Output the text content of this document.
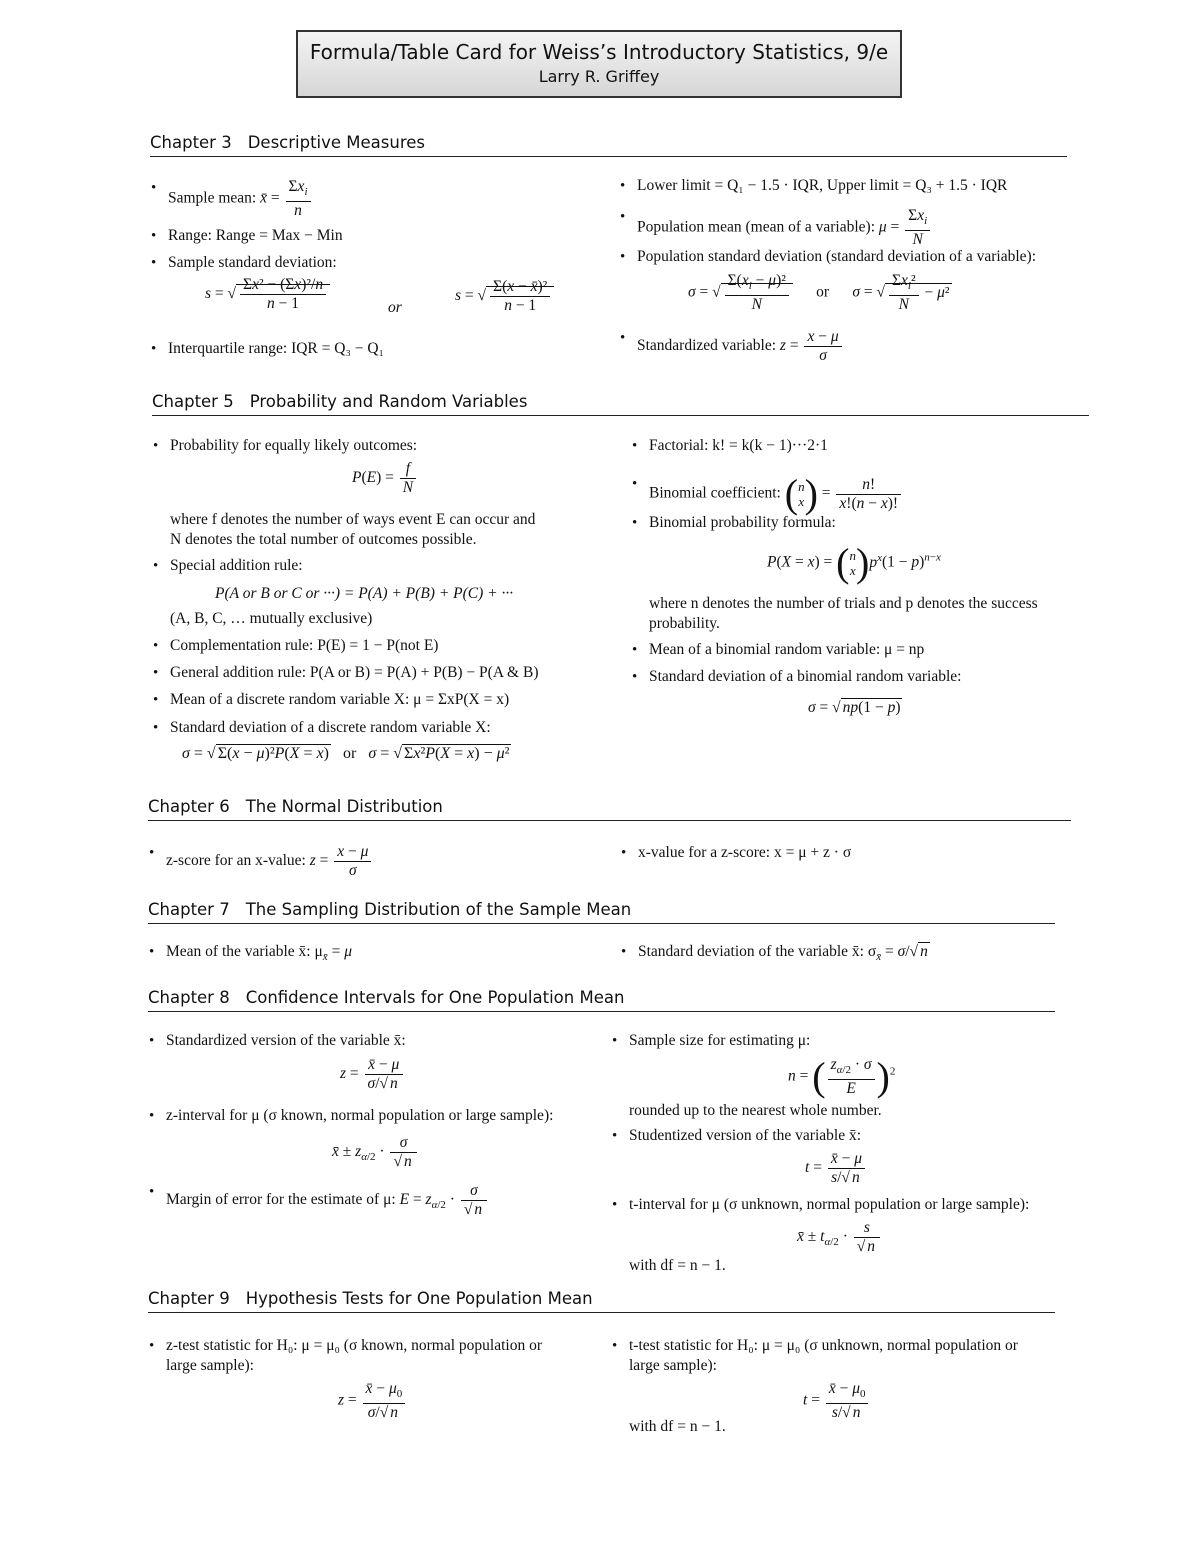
Formula/Table Card for Weiss’s Introductory Statistics, 9/e
Larry R. Griffey
Chapter 3 Descriptive Measures
• Sample mean: x̄ =
$\Sigma x_i$
n
• Range: Range = Max − Min
• Sample standard deviation:
s = √ $\frac{\text{Σx² − (Σx)²/n}}{n - 1}$	or
s = √ $\frac{\text{Σ(x − x̄)²}}{n - 1}$
• Interquartile range: IQR = Q₃ − Q₁
• Lower limit = Q₁ − 1.5 · IQR, Upper limit = Q₃ + 1.5 · IQR
• Population mean (mean of a variable): μ =
$\Sigma x_i$
N
• Population standard deviation (standard deviation of a variable):
σ = √ $\frac{\Sigma(x_i - \mu)^2}{N}$ or      σ = √
$\Sigma x_i^2$
N
− μ²
• Standardized variable: $z = \frac{x - \mu}{\sigma}$
Chapter 5 Probability and Random Variables
• Probability for equally likely outcomes:
$P(E) = \frac{f}{N}$
where f denotes the number of ways event E can occur and
N denotes the total number of outcomes possible.
• Special addition rule:
P(A or B or C or ···) = P(A) + P(B) + P(C) + ···
(A, B, C, … mutually exclusive)
• Complementation rule: P(E) = 1 − P(not E)
• General addition rule: P(A or B) = P(A) + P(B) − P(A & B)
• Mean of a discrete random variable X: μ = ΣxP(X = x)
• Standard deviation of a discrete random variable X:
σ = √ Σ(x − μ)²P(X = x)   or   σ = √ Σx²P(X = x) − μ²
• Factorial: k! = k(k − 1)···2·1
• Binomial coefficient: (n
$x) = \frac{n!}{x!(n - x)!}$
• Binomial probability formula:
P(X = x) = (n
$x)p^x(1 - p)^{n-x}$
where n denotes the number of trials and p denotes the success
probability.
• Mean of a binomial random variable: μ = np
• Standard deviation of a binomial random variable:
σ = √ np(1 − p)
Chapter 6 The Normal Distribution
• z-score for an x-value: $z = \frac{x - \mu}{\sigma}$	• x-value for a z-score: x = μ + z · σ
Chapter 7 The Sampling Distribution of the Sample Mean
• Mean of the variable x̄: $\mu_{x̄} = \mu$	• Standard deviation of the variable x̄: $\sigma_{x̄} = \sigma/√$ n
Chapter 8 Confidence Intervals for One Population Mean
• Standardized version of the variable x̄:
$z = \frac{x̄ - \mu}{\sigma/√ n}$
• z-interval for μ (σ known, normal population or large sample):
x̄ ± $z_{\alpha/2} \cdot \frac{\sigma}{√ n}$
• Margin of error for the estimate of μ: $E = z_{\alpha/2} \cdot \frac{\sigma}{√ n}$
• Sample size for estimating μ:
n = ( $\frac{z_{\alpha/2} \cdot \sigma}{E} )^2$
rounded up to the nearest whole number.
• Studentized version of the variable x̄:
$t = \frac{x̄ - \mu}{s/√ n}$
• t-interval for μ (σ unknown, normal population or large sample):
x̄ ± $t_{\alpha/2} \cdot \frac{s}{√ n}$
with df = n − 1.
Chapter 9 Hypothesis Tests for One Population Mean
• z-test statistic for H₀: μ = μ₀ (σ known, normal population or
large sample):
$z = \frac{x̄ - \mu_0}{\sigma/√ n}$
• t-test statistic for H₀: μ = μ₀ (σ unknown, normal population or
large sample):
$t = \frac{x̄ - \mu_0}{s/√ n}$
with df = n − 1.
